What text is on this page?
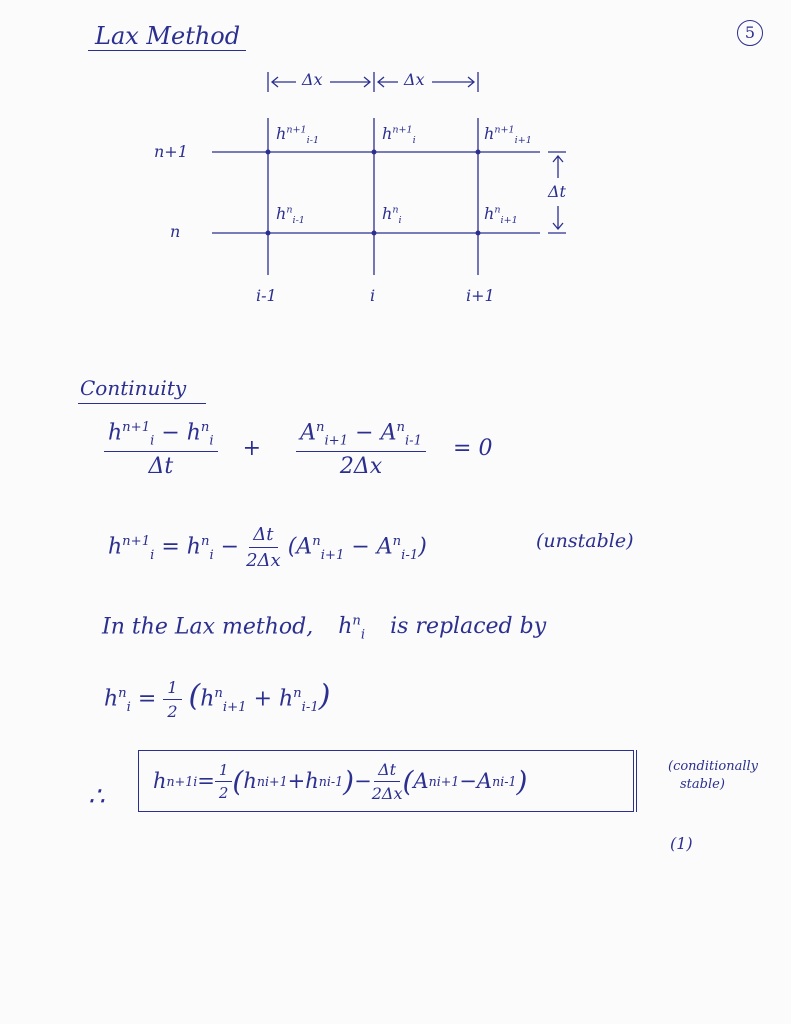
Lax Method	5
Δx	Δx
Δt
n+1
n
i-1	i	i+1
$h^{n+1}_{i-1}$	$h^{n+1}_i$	$h^{n+1}_{i+1}$
$h^n_{i-1}$	$h^n_i$	$h^n_{i+1}$
Continuity
$\frac{h^{n+1}_i - h^n_i}{\Delta t} + \frac{A^n_{i+1} - A^n_{i-1}}{2\Delta x} = 0$
$h^{n+1}_i = h^n_i - \frac{\Delta t}{2\Delta x} (A^n_{i+1} - A^n_{i-1})$	(unstable)
In the Lax method, $h^n_i$ is replaced by
$h^n_i = \frac{1}{2} (h^n_{i+1} + h^n_{i-1})$
∴
h n+1 $i = \frac{1}{2}$ ( h n i+1 + h n i-1 ) − $\frac{\Delta t}{2\Delta x}$ ( A n i+1 − A n i-1 )	(conditionally
stable)
(1)
